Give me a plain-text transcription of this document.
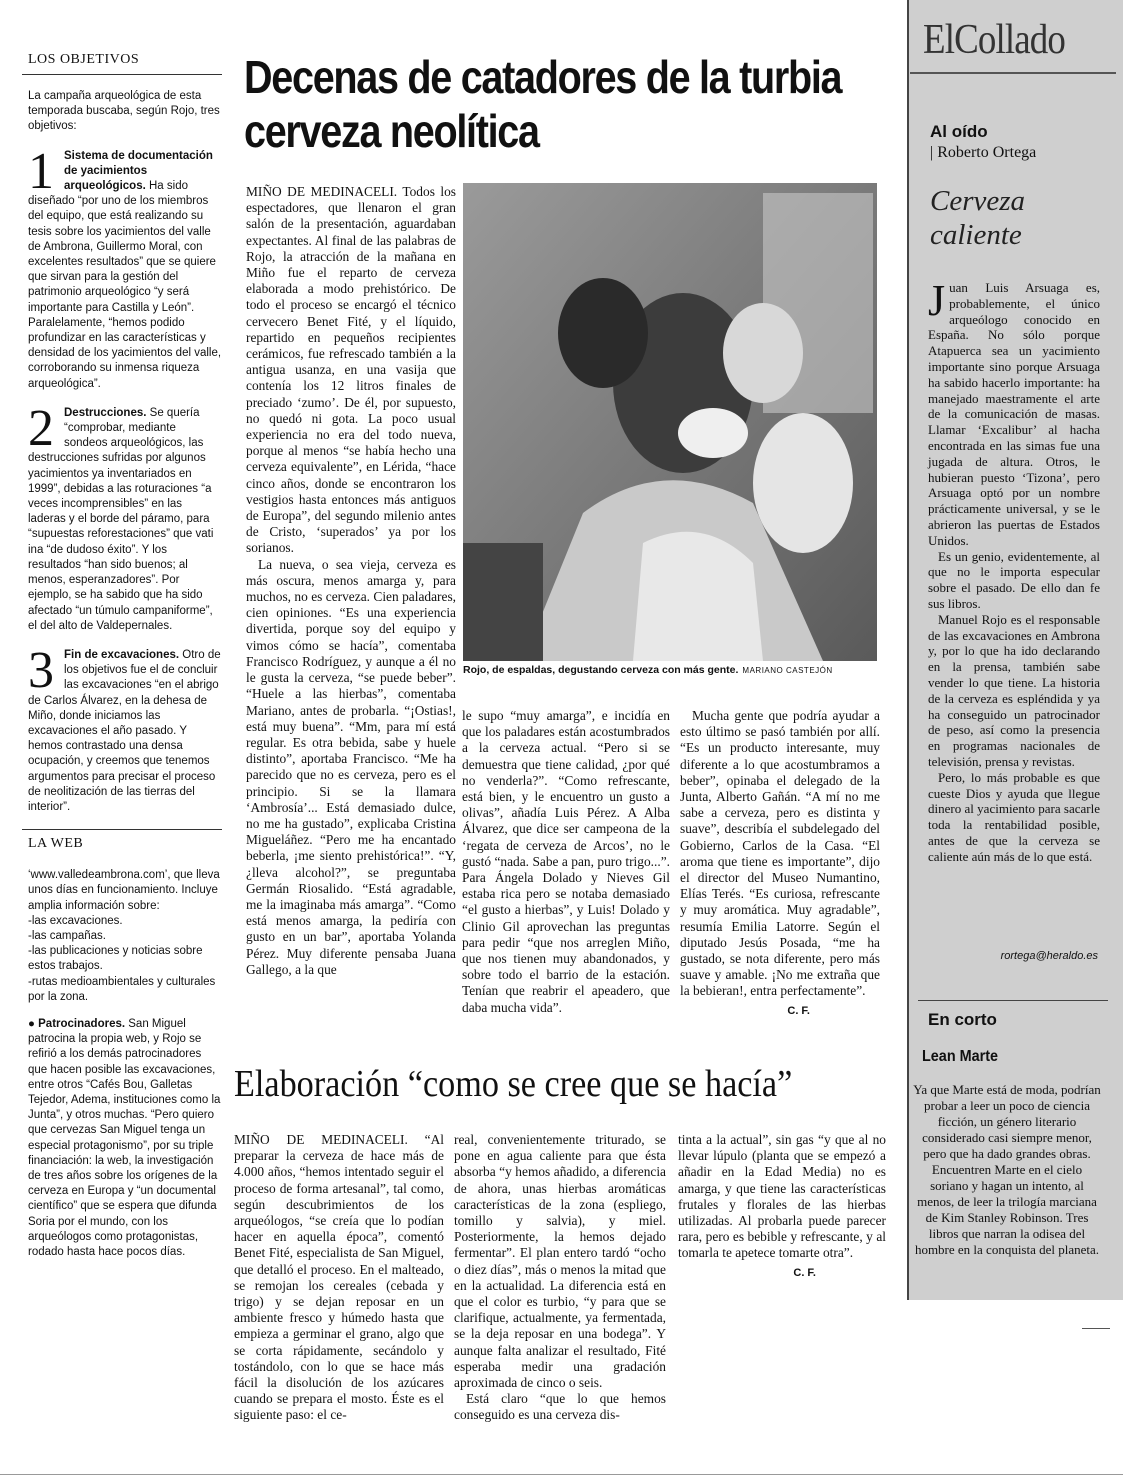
LOS OBJETIVOS

La campaña arqueológica de esta temporada buscaba, según Rojo, tres objetivos:

1 Sistema de documentación de yacimientos arqueológicos. Ha sido diseñado “por uno de los miembros del equipo, que está realizando su tesis sobre los yacimientos del valle de Ambrona, Guillermo Moral, con excelentes resultados” que se quiere que sirvan para la gestión del patrimonio arqueológico “y será importante para Castilla y León”. Paralelamente, “hemos podido profundizar en las características y densidad de los yacimientos del valle, corroborando su inmensa riqueza arqueológica”.
2 Destrucciones. Se quería “comprobar, mediante sondeos arqueológicos, las destrucciones sufridas por algunos yacimientos ya inventariados en 1999”, debidas a las roturaciones “a veces incomprensibles” en las laderas y el borde del páramo, para “supuestas reforestaciones” que vati ina “de dudoso éxito”. Y los resultados “han sido buenos; al menos, esperanzadores”. Por ejemplo, se ha sabido que ha sido afectado “un túmulo campaniforme”, el del alto de Valdepernales.
3 Fin de excavaciones. Otro de los objetivos fue el de concluir las excavaciones “en el abrigo de Carlos Álvarez, en la dehesa de Miño, donde iniciamos las excavaciones el año pasado. Y hemos contrastado una densa ocupación, y creemos que tenemos argumentos para precisar el proceso de neolitización de las tierras del interior”.
LA WEB
‘www.valledeambrona.com’, que lleva unos días en funcionamiento. Incluye amplia información sobre:
-las excavaciones.
-las campañas.
-las publicaciones y noticias sobre estos trabajos.
-rutas medioambientales y culturales por la zona.
● Patrocinadores. San Miguel patrocina la propia web, y Rojo se refirió a los demás patrocinadores que hacen posible las excavaciones, entre otros “Cafés Bou, Galletas Tejedor, Adema, instituciones como la Junta”, y otros muchas. “Pero quiero que cervezas San Miguel tenga un especial protagonismo”, por su triple financiación: la web, la investigación de tres años sobre los orígenes de la cerveza en Europa y “un documental científico” que se espera que difunda Soria por el mundo, con los arqueólogos como protagonistas, rodado hasta hace pocos días.
Decenas de catadores de la turbia cerveza neolítica

MIÑO DE MEDINACELI. Todos los espectadores, que llenaron el gran salón de la presentación, aguardaban expectantes. Al final de las palabras de Rojo, la atracción de la mañana en Miño fue el reparto de cerveza elaborada a modo prehistórico. De todo el proceso se encargó el técnico cervecero Benet Fité, y el líquido, repartido en pequeños recipientes cerámicos, fue refrescado también a la antigua usanza, en una vasija que contenía los 12 litros finales de preciado ‘zumo’. De él, por supuesto, no quedó ni gota. La poco usual experiencia no era del todo nueva, porque al menos “se había hecho una cerveza equivalente”, en Lérida, “hace cinco años, donde se encontraron los vestigios hasta entonces más antiguos de Europa”, del segundo milenio antes de Cristo, ‘superados’ ya por los sorianos.

La nueva, o sea vieja, cerveza es más oscura, menos amarga y, para muchos, no es cerveza. Cien paladares, cien opiniones. “Es una experiencia divertida, porque soy del equipo y vimos cómo se hacía”, comentaba Francisco Rodríguez, y aunque a él no le gusta la cerveza, “se puede beber”. “Huele a las hierbas”, comentaba Mariano, antes de probarla. “¡Ostias!, está muy buena”. “Mm, para mí está regular. Es otra bebida, sabe y huele distinto”, aportaba Francisco. “Me ha parecido que no es cerveza, pero es el principio. Si se la llamara ‘Ambrosía’... Está demasiado dulce, no me ha gustado”, explicaba Cristina Migueláñez. “Pero me ha encantado beberla, ¡me siento prehistórica!”. “Y, ¿lleva alcohol?”, se preguntaba Germán Riosalido. “Está agradable, me la imaginaba más amarga”. “Como está menos amarga, la pediría con gusto en un bar”, aportaba Yolanda Pérez. Muy diferente pensaba Juana Gallego, a la que

Rojo, de espaldas, degustando cerveza con más gente. MARIANO CASTEJÓN

le supo “muy amarga”, e incidía en que los paladares están acostumbrados a la cerveza actual. “Pero si se demuestra que tiene calidad, ¿por qué no venderla?”. “Como refrescante, está bien, y le encuentro un gusto a olivas”, añadía Luis Pérez. A Alba Álvarez, que dice ser campeona de la ‘regata de cerveza de Arcos’, no le gustó “nada. Sabe a pan, puro trigo...”. Para Ángela Dolado y Nieves Gil estaba rica pero se notaba demasiado “el gusto a hierbas”, y Luis! Dolado y Clinio Gil aprovechan las preguntas para pedir “que nos arreglen Miño, que nos tienen muy abandonados, y sobre todo el barrio de la estación. Tenían que reabrir el apeadero, que daba mucha vida”.

Mucha gente que podría ayudar a esto último se pasó también por allí. “Es un producto interesante, muy diferente a lo que acostumbramos a beber”, opinaba el delegado de la Junta, Alberto Gañán. “A mí no me sabe a cerveza, pero es distinta y suave”, describía el subdelegado del Gobierno, Carlos de la Casa. “El aroma que tiene es importante”, dijo el director del Museo Numantino, Elías Terés. “Es curiosa, refrescante y muy aromática. Muy agradable”, resumía Emilia Latorre. Según el diputado Jesús Posada, “me ha gustado, se nota diferente, pero más suave y amable. ¡No me extraña que la bebieran!, entra perfectamente”.

C. F.
Elaboración “como se cree que se hacía”

MIÑO DE MEDINACELI. “Al preparar la cerveza de hace más de 4.000 años, “hemos intentado seguir el proceso de forma artesanal”, tal como, según descubrimientos de los arqueólogos, “se creía que lo podían hacer en aquella época”, comentó Benet Fité, especialista de San Miguel, que detalló el proceso. En el malteado, se remojan los cereales (cebada y trigo) y se dejan reposar en un ambiente fresco y húmedo hasta que empieza a germinar el grano, algo que se corta rápidamente, secándolo y tostándolo, con lo que se hace más fácil la disolución de los azúcares cuando se prepara el mosto. Éste es el siguiente paso: el ce-

real, convenientemente triturado, se pone en agua caliente para que ésta absorba “y hemos añadido, a diferencia de ahora, unas hierbas aromáticas características de la zona (espliego, tomillo y salvia), y miel. Posteriormente, la hemos dejado fermentar”. El plan entero tardó “ocho o diez días”, más o menos la mitad que en la actualidad. La diferencia está en que el color es turbio, “y para que se clarifique, actualmente, ya fermentada, se la deja reposar en una bodega”. Y aunque falta analizar el resultado, Fité esperaba medir una gradación aproximada de cinco o seis.

Está claro “que lo que hemos conseguido es una cerveza dis-

tinta a la actual”, sin gas “y que al no llevar lúpulo (planta que se empezó a añadir en la Edad Media) no es amarga, y que tiene las características frutales y florales de las hierbas utilizadas. Al probarla puede parecer rara, pero es bebible y refrescante, y al tomarla te apetece tomarte otra”.

C. F.
ElCollado
Al oído
| Roberto Ortega
Cerveza
caliente

Juan Luis Arsuaga es, probablemente, el único arqueólogo conocido en España. No sólo porque Atapuerca sea un yacimiento importante sino porque Arsuaga ha sabido hacerlo importante: ha manejado maestramente el arte de la comunicación de masas. Llamar ‘Excalibur’ al hacha encontrada en las simas fue una jugada de altura. Otros, le hubieran puesto ‘Tizona’, pero Arsuaga optó por un nombre prácticamente universal, y se le abrieron las puertas de Estados Unidos.

Es un genio, evidentemente, al que no le importa especular sobre el pasado. De ello dan fe sus libros.

Manuel Rojo es el responsable de las excavaciones en Ambrona y, por lo que ha ido declarando en la prensa, también sabe vender lo que tiene. La historia de la cerveza es espléndida y ya ha conseguido un patrocinador de peso, así como la presencia en programas nacionales de televisión, prensa y revistas.

Pero, lo más probable es que cueste Dios y ayuda que llegue dinero al yacimiento para sacarle toda la rentabilidad posible, antes de que la cerveza se caliente aún más de lo que está.

rortega@heraldo.es
En corto
Lean Marte
Ya que Marte está de moda, podrían probar a leer un poco de ciencia ficción, un género literario considerado casi siempre menor, pero que ha dado grandes obras. Encuentren Marte en el cielo soriano y hagan un intento, al menos, de leer la trilogía marciana de Kim Stanley Robinson. Tres libros que narran la odisea del hombre en la conquista del planeta.
